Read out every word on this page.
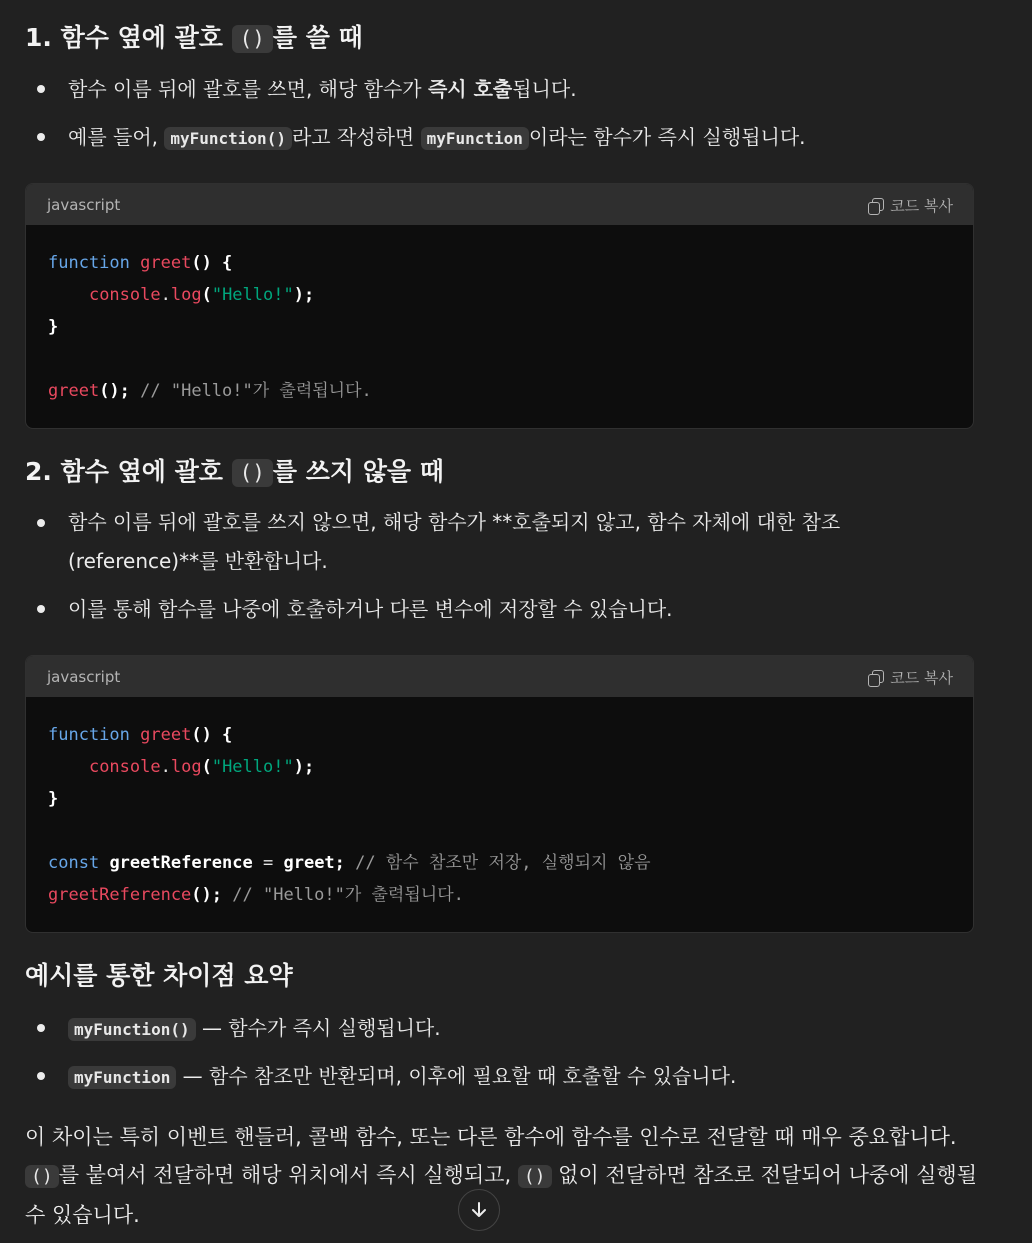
1. 함수 옆에 괄호 () 를 쓸 때
함수 이름 뒤에 괄호를 쓰면, 해당 함수가 즉시 호출됩니다.
예를 들어, myFunction() 라고 작성하면 myFunction 이라는 함수가 즉시 실행됩니다.
javascript	코드 복사
function greet() {
console.log("Hello!");
}

greet(); // "Hello!"가 출력됩니다.
2. 함수 옆에 괄호 () 를 쓰지 않을 때
함수 이름 뒤에 괄호를 쓰지 않으면, 해당 함수가 **호출되지 않고, 함수 자체에 대한 참조 (reference)**를 반환합니다.
이를 통해 함수를 나중에 호출하거나 다른 변수에 저장할 수 있습니다.
javascript	코드 복사
function greet() {
console.log("Hello!");
}

const greetReference = greet; // 함수 참조만 저장, 실행되지 않음
greetReference(); // "Hello!"가 출력됩니다.
예시를 통한 차이점 요약
myFunction() — 함수가 즉시 실행됩니다.
myFunction — 함수 참조만 반환되며, 이후에 필요할 때 호출할 수 있습니다.
이 차이는 특히 이벤트 핸들러, 콜백 함수, 또는 다른 함수에 함수를 인수로 전달할 때 매우 중요합니다. () 를 붙여서 전달하면 해당 위치에서 즉시 실행되고, () 없이 전달하면 참조로 전달되어 나중에 실행될 수 있습니다.
